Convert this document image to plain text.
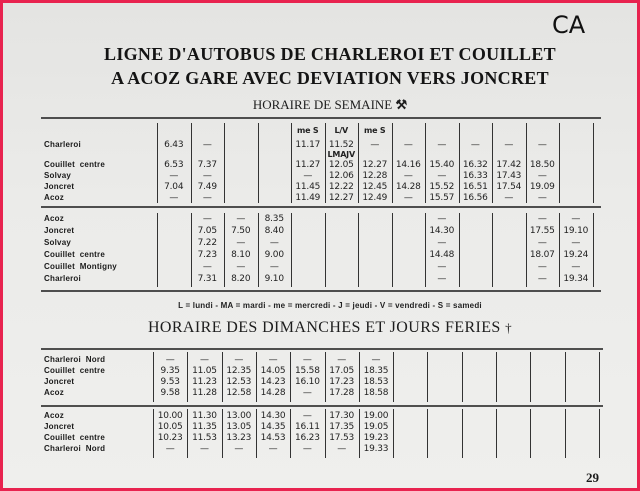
CA
LIGNE D'AUTOBUS DE CHARLEROI ET COUILLET
A ACOZ GARE AVEC DEVIATION VERS JONCRET
HORAIRE DE SEMAINE ⚒
Charleroi
Couillet  centre
Solvay
Joncret
Acoz
6.43
6.53
—
7.04
—
—
7.37
—
7.49
—
11.17
11.27
—
11.45
11.49
11.52
12.05
12.06
12.22
12.27
—
12.27
12.28
12.45
12.49
—
14.16
—
14.28
—
—
15.40
—
15.52
15.57
—
16.32
16.33
16.51
16.56
—
17.42
17.43
17.54
—
—
18.50
—
19.09
—
me S	L/V	me S
LMAJV
Acoz
Joncret
Solvay
Couillet  centre
Couillet  Montigny
Charleroi
—
7.05
7.22
7.23
—
7.31
—
7.50
—
8.10
—
8.20
8.35
8.40
—
9.00
—
9.10
—
14.30
—
14.48
—
—
—
17.55
—
18.07
—
—
—
19.10
—
19.24
—
19.34
L = lundi - MA = mardi - me = mercredi - J = jeudi - V = vendredi - S = samedi
HORAIRE DES DIMANCHES ET JOURS FERIES †
Charleroi  Nord
Couillet  centre
Joncret
Acoz
—
9.35
9.53
9.58
—
11.05
11.23
11.28
—
12.35
12.53
12.58
—
14.05
14.23
14.28
—
15.58
16.10
—
—
17.05
17.23
17.28
—
18.35
18.53
18.58
Acoz
Joncret
Couillet  centre
Charleroi  Nord
10.00
10.05
10.23
—
11.30
11.35
11.53
—
13.00
13.05
13.23
—
14.30
14.35
14.53
—
—
16.11
16.23
—
17.30
17.35
17.53
—
19.00
19.05
19.23
19.33
29
